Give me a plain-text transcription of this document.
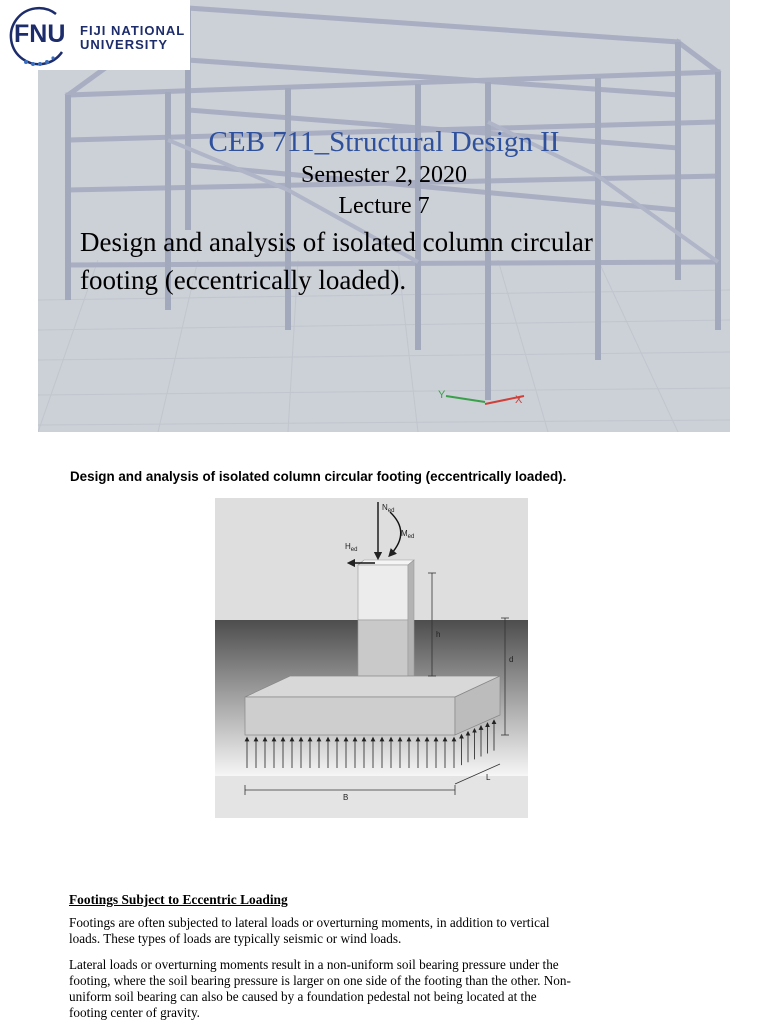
Y	X
FNU FIJI NATIONAL
UNIVERSITY
CEB 711_Structural Design II
Semester 2, 2020
Lecture 7
Design and analysis of isolated column circular
footing (eccentrically loaded).
Design and analysis of isolated column circular footing (eccentrically loaded).
$N_{ed}$
$M_{ed}$
$H_{ed}$
h
d
B
L
Footings Subject to Eccentric Loading
Footings are often subjected to lateral loads or overturning moments, in addition to vertical
loads. These types of loads are typically seismic or wind loads.
Lateral loads or overturning moments result in a non-uniform soil bearing pressure under the
footing, where the soil bearing pressure is larger on one side of the footing than the other. Non-
uniform soil bearing can also be caused by a foundation pedestal not being located at the
footing center of gravity.
